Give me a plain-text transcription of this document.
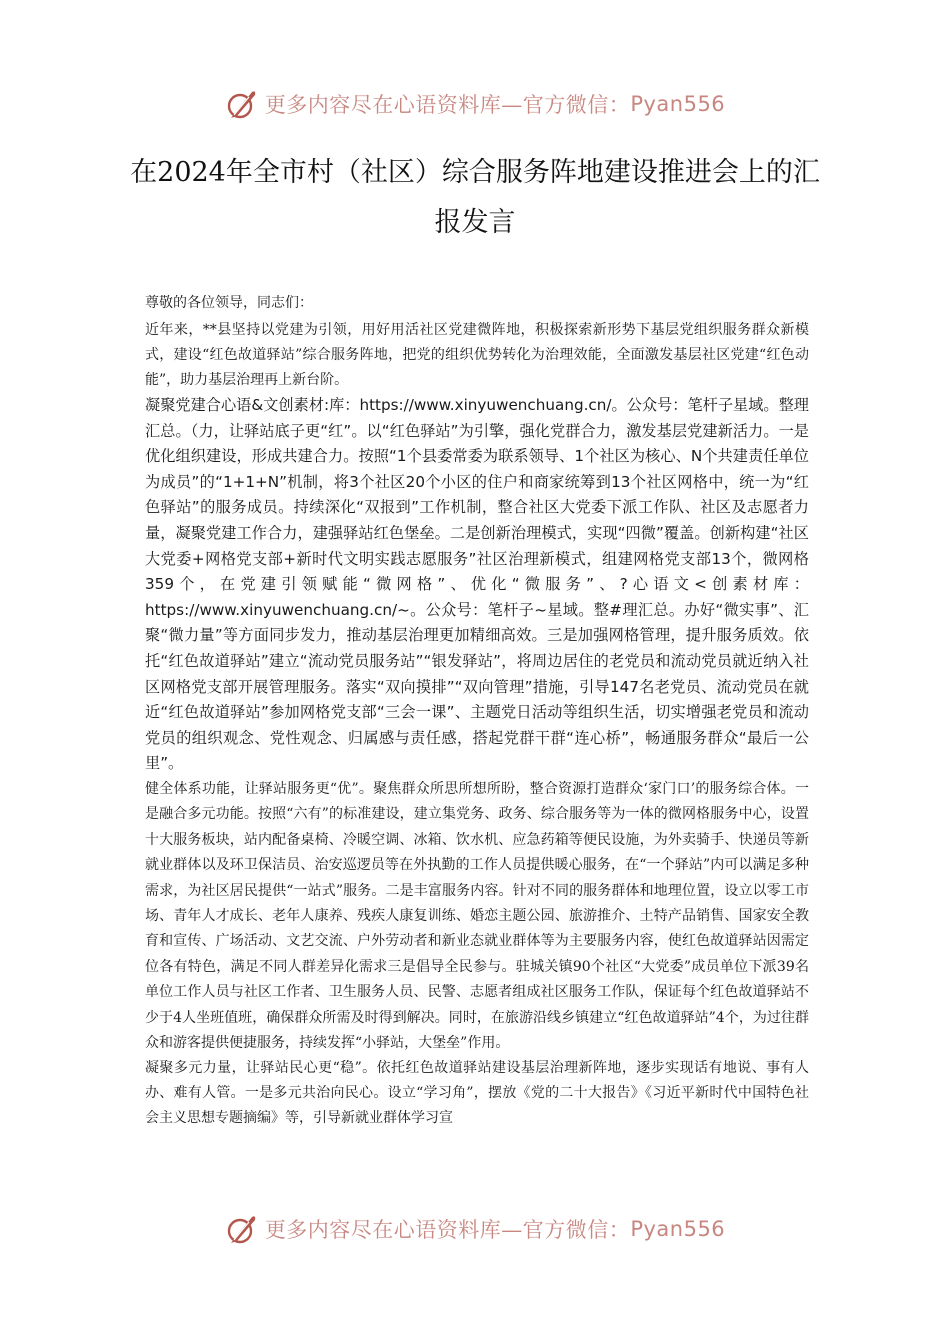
更多内容尽在心语资料库—官方微信： Pyan556
在2024年全市村（社区）综合服务阵地建设推进会上的汇报发言

尊敬的各位领导，同志们：

近年来，**县坚持以党建为引领，用好用活社区党建微阵地，积极探索新形势下基层党组织服务群众新模式，建设“红色故道驿站”综合服务阵地，把党的组织优势转化为治理效能，全面激发基层社区党建“红色动能”，助力基层治理再上新台阶。

凝聚党建合心语&文创素材:库：https://www.xinyuwenchuang.cn/。公众号：笔杆子星域。整理汇总。（力，让驿站底子更“红”。以“红色驿站”为引擎，强化党群合力，激发基层党建新活力。一是优化组织建设，形成共建合力。按照“1个县委常委为联系领导、1个社区为核心、N个共建责任单位为成员”的“1+1+N”机制，将3个社区20个小区的住户和商家统筹到13个社区网格中，统一为“红色驿站”的服务成员。持续深化“双报到”工作机制，整合社区大党委下派工作队、社区及志愿者力量，凝聚党建工作合力，建强驿站红色堡垒。二是创新治理模式，实现“四微”覆盖。创新构建“社区大党委+网格党支部+新时代文明实践志愿服务”社区治理新模式，组建网格党支部13个，微网格359个，在党建引领赋能“微网格”、优化“微服务”、?心语文<创素材库：https://www.xinyuwenchuang.cn/~。公众号：笔杆子~星域。整#理汇总。办好“微实事”、汇聚“微力量”等方面同步发力，推动基层治理更加精细高效。三是加强网格管理，提升服务质效。依托“红色故道驿站”建立“流动党员服务站”“银发驿站”，将周边居住的老党员和流动党员就近纳入社区网格党支部开展管理服务。落实“双向摸排”“双向管理”措施，引导147名老党员、流动党员在就近“红色故道驿站”参加网格党支部“三会一课”、主题党日活动等组织生活，切实增强老党员和流动党员的组织观念、党性观念、归属感与责任感，搭起党群干群“连心桥”，畅通服务群众“最后一公里”。

健全体系功能，让驿站服务更“优”。聚焦群众所思所想所盼，整合资源打造群众‘家门口’的服务综合体。一是融合多元功能。按照“六有”的标准建设，建立集党务、政务、综合服务等为一体的微网格服务中心，设置十大服务板块，站内配备桌椅、冷暖空调、冰箱、饮水机、应急药箱等便民设施，为外卖骑手、快递员等新就业群体以及环卫保洁员、治安巡逻员等在外执勤的工作人员提供暖心服务，在“一个驿站”内可以满足多种需求，为社区居民提供“一站式”服务。二是丰富服务内容。针对不同的服务群体和地理位置，设立以零工市场、青年人才成长、老年人康养、残疾人康复训练、婚恋主题公园、旅游推介、土特产品销售、国家安全教育和宣传、广场活动、文艺交流、户外劳动者和新业态就业群体等为主要服务内容，使红色故道驿站因需定位各有特色，满足不同人群差异化需求三是倡导全民参与。驻城关镇90个社区“大党委”成员单位下派39名单位工作人员与社区工作者、卫生服务人员、民警、志愿者组成社区服务工作队，保证每个红色故道驿站不少于4人坐班值班，确保群众所需及时得到解决。同时，在旅游沿线乡镇建立“红色故道驿站”4个，为过往群众和游客提供便捷服务，持续发挥“小驿站，大堡垒”作用。

凝聚多元力量，让驿站民心更“稳”。依托红色故道驿站建设基层治理新阵地，逐步实现话有地说、事有人办、难有人管。一是多元共治向民心。设立“学习角”，摆放《党的二十大报告》《习近平新时代中国特色社会主义思想专题摘编》等，引导新就业群体学习宣

更多内容尽在心语资料库—官方微信： Pyan556
